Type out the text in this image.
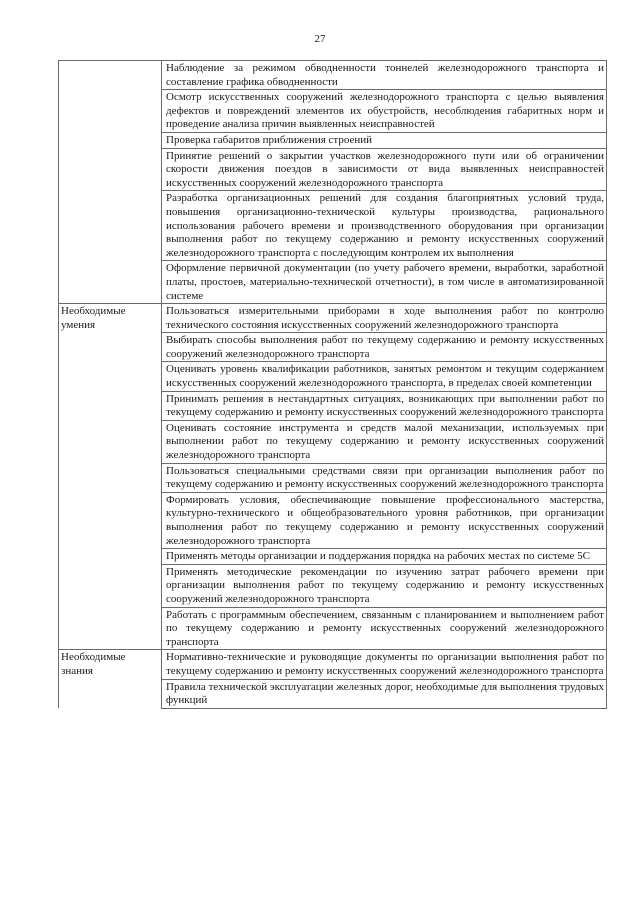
27
	Наблюдение за режимом обводненности тоннелей железнодорожного транспорта и составление графика обводненности
	Осмотр искусственных сооружений железнодорожного транспорта с целью выявления дефектов и повреждений элементов их обустройств, несоблюдения габаритных норм и проведение анализа причин выявленных неисправностей
	Проверка габаритов приближения строений
	Принятие решений о закрытии участков железнодорожного пути или об ограничении скорости движения поездов в зависимости от вида выявленных неисправностей искусственных сооружений железнодорожного транспорта
	Разработка организационных решений для создания благоприятных условий труда, повышения организационно-технической культуры производства, рационального использования рабочего времени и производственного оборудования при организации выполнения работ по текущему содержанию и ремонту искусственных сооружений железнодорожного транспорта с последующим контролем их выполнения
	Оформление первичной документации (по учету рабочего времени, выработки, заработной платы, простоев, материально-технической отчетности), в том числе в автоматизированной системе
Необходимые умения	Пользоваться измерительными приборами в ходе выполнения работ по контролю технического состояния искусственных сооружений железнодорожного транспорта
	Выбирать способы выполнения работ по текущему содержанию и ремонту искусственных сооружений железнодорожного транспорта
	Оценивать уровень квалификации работников, занятых ремонтом и текущим содержанием искусственных сооружений железнодорожного транспорта, в пределах своей компетенции
	Принимать решения в нестандартных ситуациях, возникающих при выполнении работ по текущему содержанию и ремонту искусственных сооружений железнодорожного транспорта
	Оценивать состояние инструмента и средств малой механизации, используемых при выполнении работ по текущему содержанию и ремонту искусственных сооружений железнодорожного транспорта
	Пользоваться специальными средствами связи при организации выполнения работ по текущему содержанию и ремонту искусственных сооружений железнодорожного транспорта
	Формировать условия, обеспечивающие повышение профессионального мастерства, культурно-технического и общеобразовательного уровня работников, при организации выполнения работ по текущему содержанию и ремонту искусственных сооружений железнодорожного транспорта
	Применять методы организации и поддержания порядка на рабочих местах по системе 5С
	Применять методические рекомендации по изучению затрат рабочего времени при организации выполнения работ по текущему содержанию и ремонту искусственных сооружений железнодорожного транспорта
	Работать с программным обеспечением, связанным с планированием и выполнением работ по текущему содержанию и ремонту искусственных сооружений железнодорожного транспорта
Необходимые знания	Нормативно-технические и руководящие документы по организации выполнения работ по текущему содержанию и ремонту искусственных сооружений железнодорожного транспорта
	Правила технической эксплуатации железных дорог, необходимые для выполнения трудовых функций
